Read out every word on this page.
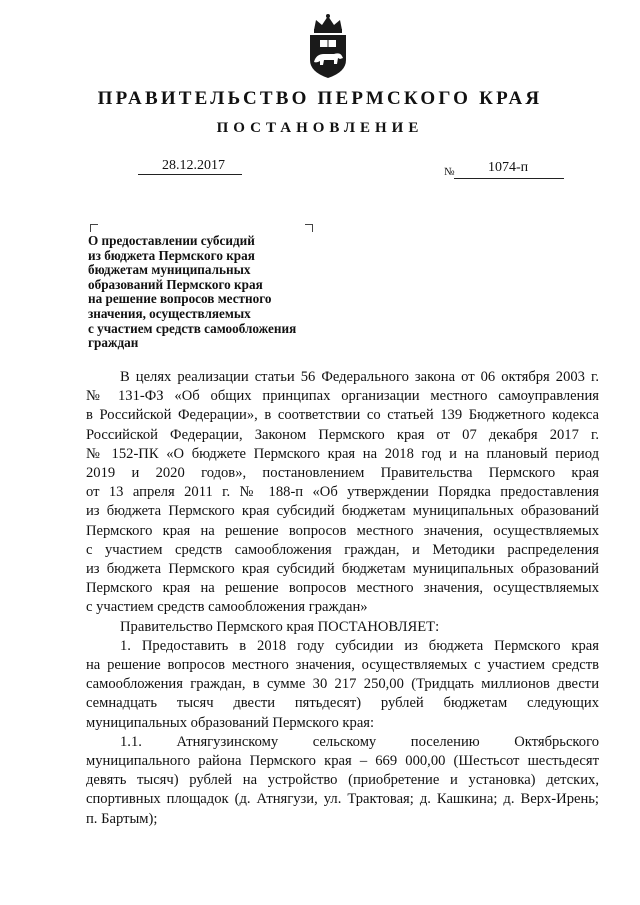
ПРАВИТЕЛЬСТВО ПЕРМСКОГО КРАЯ
ПОСТАНОВЛЕНИЕ
28.12.2017	№ 1074-п
О предоставлении субсидий
из бюджета Пермского края
бюджетам муниципальных
образований Пермского края
на решение вопросов местного
значения, осуществляемых
с участием средств самообложения
граждан
В целях реализации статьи 56 Федерального закона от 06 октября 2003 г.
№ 131-ФЗ «Об общих принципах организации местного самоуправления
в Российской Федерации», в соответствии со статьей 139 Бюджетного кодекса
Российской Федерации, Законом Пермского края от 07 декабря 2017 г.
№ 152-ПК «О бюджете Пермского края на 2018 год и на плановый период
2019 и 2020 годов», постановлением Правительства Пермского края
от 13 апреля 2011 г. № 188-п «Об утверждении Порядка предоставления
из бюджета Пермского края субсидий бюджетам муниципальных образований
Пермского края на решение вопросов местного значения, осуществляемых
с участием средств самообложения граждан, и Методики распределения
из бюджета Пермского края субсидий бюджетам муниципальных образований
Пермского края на решение вопросов местного значения, осуществляемых
с участием средств самообложения граждан»
Правительство Пермского края ПОСТАНОВЛЯЕТ:
1. Предоставить в 2018 году субсидии из бюджета Пермского края
на решение вопросов местного значения, осуществляемых с участием средств
самообложения граждан, в сумме 30 217 250,00 (Тридцать миллионов двести
семнадцать тысяч двести пятьдесят) рублей бюджетам следующих
муниципальных образований Пермского края:
1.1. Атнягузинскому сельскому поселению Октябрьского
муниципального района Пермского края – 669 000,00 (Шестьсот шестьдесят
девять тысяч) рублей на устройство (приобретение и установка) детских,
спортивных площадок (д. Атнягузи, ул. Трактовая; д. Кашкина; д. Верх-Ирень;
п. Бартым);
